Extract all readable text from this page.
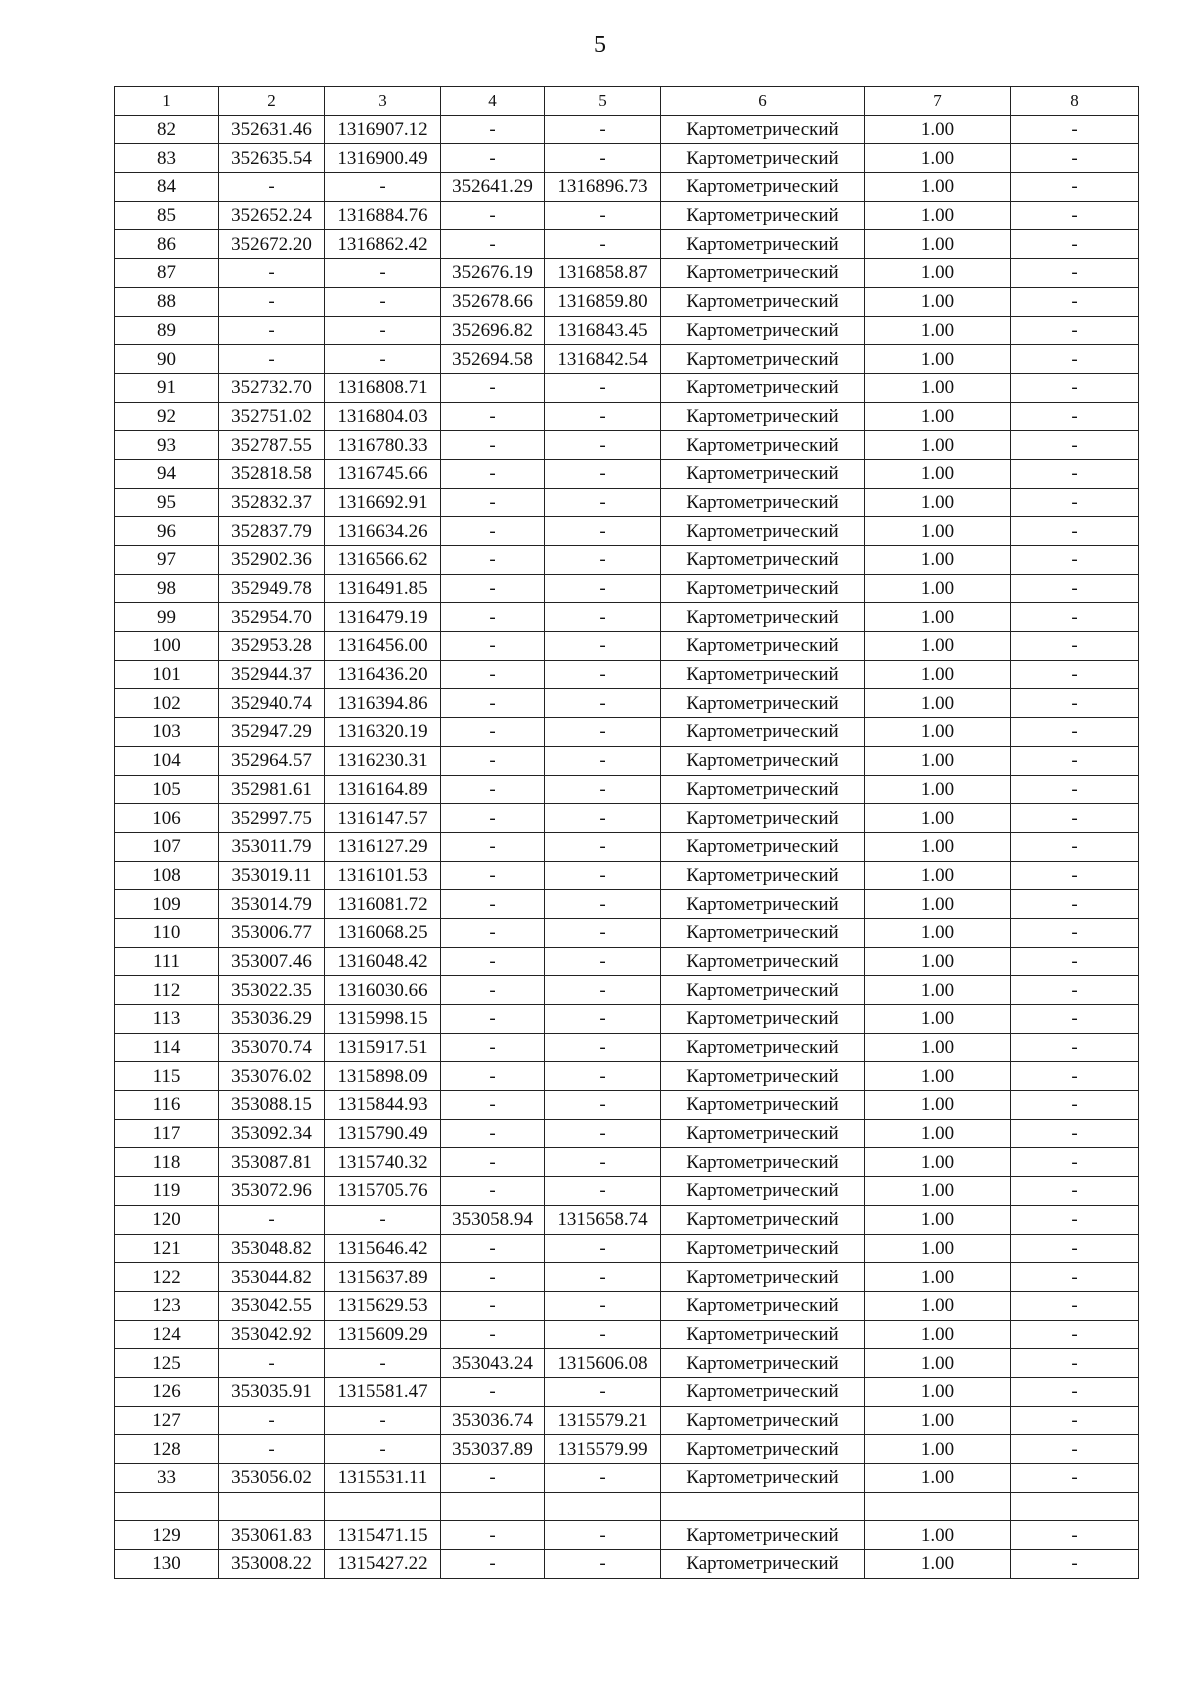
5
1	2	3	4	5	6	7	8
82	352631.46	1316907.12	-	-	Картометрический	1.00	-
83	352635.54	1316900.49	-	-	Картометрический	1.00	-
84	-	-	352641.29	1316896.73	Картометрический	1.00	-
85	352652.24	1316884.76	-	-	Картометрический	1.00	-
86	352672.20	1316862.42	-	-	Картометрический	1.00	-
87	-	-	352676.19	1316858.87	Картометрический	1.00	-
88	-	-	352678.66	1316859.80	Картометрический	1.00	-
89	-	-	352696.82	1316843.45	Картометрический	1.00	-
90	-	-	352694.58	1316842.54	Картометрический	1.00	-
91	352732.70	1316808.71	-	-	Картометрический	1.00	-
92	352751.02	1316804.03	-	-	Картометрический	1.00	-
93	352787.55	1316780.33	-	-	Картометрический	1.00	-
94	352818.58	1316745.66	-	-	Картометрический	1.00	-
95	352832.37	1316692.91	-	-	Картометрический	1.00	-
96	352837.79	1316634.26	-	-	Картометрический	1.00	-
97	352902.36	1316566.62	-	-	Картометрический	1.00	-
98	352949.78	1316491.85	-	-	Картометрический	1.00	-
99	352954.70	1316479.19	-	-	Картометрический	1.00	-
100	352953.28	1316456.00	-	-	Картометрический	1.00	-
101	352944.37	1316436.20	-	-	Картометрический	1.00	-
102	352940.74	1316394.86	-	-	Картометрический	1.00	-
103	352947.29	1316320.19	-	-	Картометрический	1.00	-
104	352964.57	1316230.31	-	-	Картометрический	1.00	-
105	352981.61	1316164.89	-	-	Картометрический	1.00	-
106	352997.75	1316147.57	-	-	Картометрический	1.00	-
107	353011.79	1316127.29	-	-	Картометрический	1.00	-
108	353019.11	1316101.53	-	-	Картометрический	1.00	-
109	353014.79	1316081.72	-	-	Картометрический	1.00	-
110	353006.77	1316068.25	-	-	Картометрический	1.00	-
111	353007.46	1316048.42	-	-	Картометрический	1.00	-
112	353022.35	1316030.66	-	-	Картометрический	1.00	-
113	353036.29	1315998.15	-	-	Картометрический	1.00	-
114	353070.74	1315917.51	-	-	Картометрический	1.00	-
115	353076.02	1315898.09	-	-	Картометрический	1.00	-
116	353088.15	1315844.93	-	-	Картометрический	1.00	-
117	353092.34	1315790.49	-	-	Картометрический	1.00	-
118	353087.81	1315740.32	-	-	Картометрический	1.00	-
119	353072.96	1315705.76	-	-	Картометрический	1.00	-
120	-	-	353058.94	1315658.74	Картометрический	1.00	-
121	353048.82	1315646.42	-	-	Картометрический	1.00	-
122	353044.82	1315637.89	-	-	Картометрический	1.00	-
123	353042.55	1315629.53	-	-	Картометрический	1.00	-
124	353042.92	1315609.29	-	-	Картометрический	1.00	-
125	-	-	353043.24	1315606.08	Картометрический	1.00	-
126	353035.91	1315581.47	-	-	Картометрический	1.00	-
127	-	-	353036.74	1315579.21	Картометрический	1.00	-
128	-	-	353037.89	1315579.99	Картометрический	1.00	-
33	353056.02	1315531.11	-	-	Картометрический	1.00	-

129	353061.83	1315471.15	-	-	Картометрический	1.00	-
130	353008.22	1315427.22	-	-	Картометрический	1.00	-
